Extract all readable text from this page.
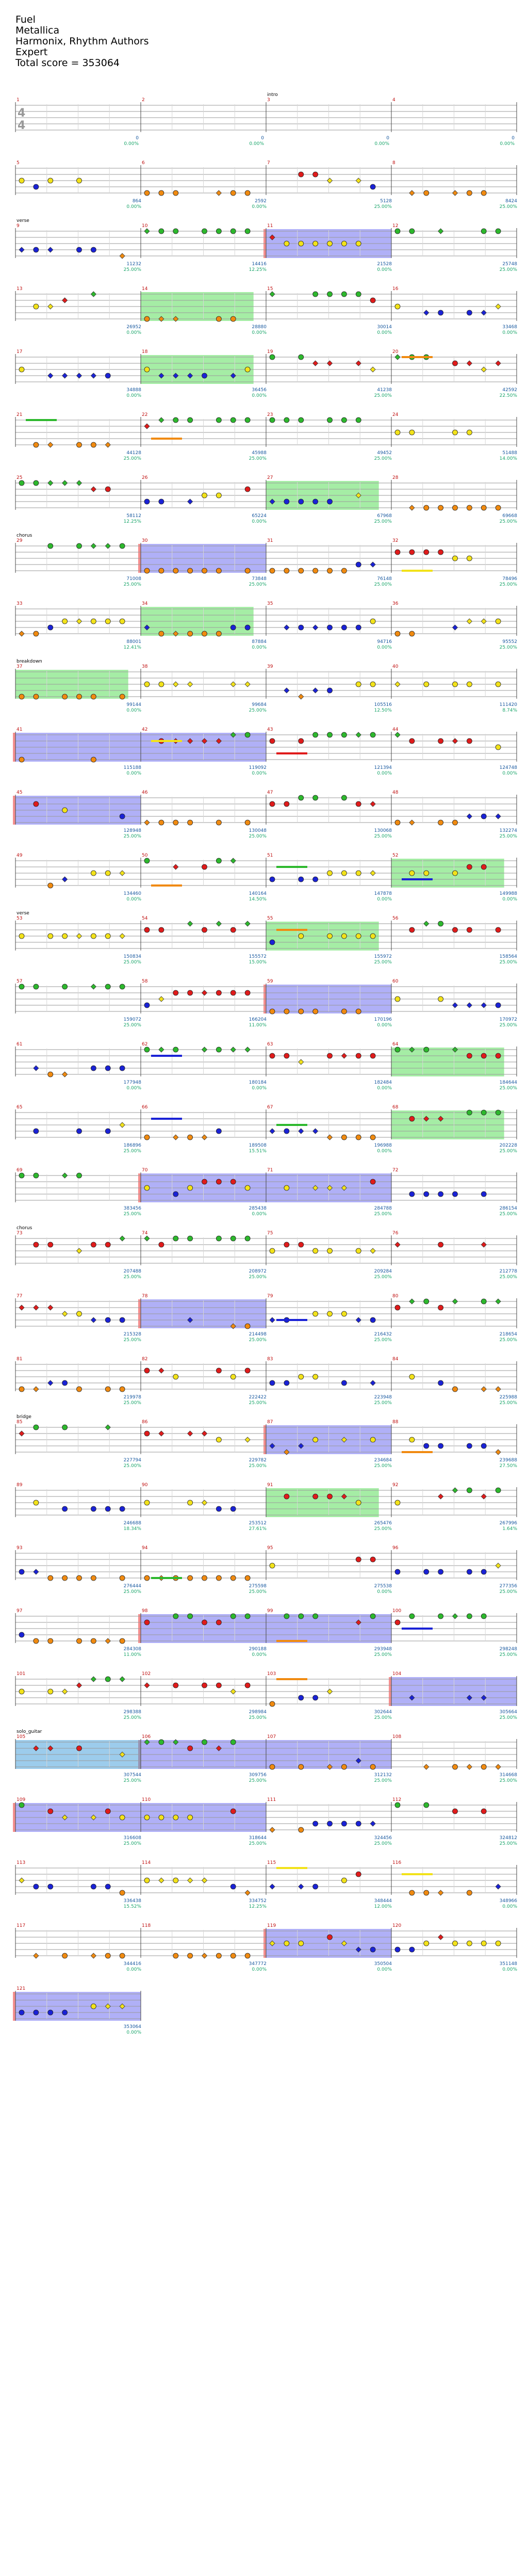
Fuel
Metallica
Harmonix, Rhythm Authors
Expert
Total score = 353064
intro
1	2	3	4
4
4
0
0.00%
0
0.00%
0
0.00%
0
0.00%
5	6	7	8
864
0.00%
2592
0.00%
5128
25.00%
8424
25.00%
verse
9	10	11	12
11232
25.00%
14416
12.25%
21528
0.00%
25748
25.00%
13	14	15	16
26952
0.00%
28880
0.00%
30014
0.00%
33468
0.00%
17	18	19	20
34888
0.00%
36456
0.00%
41238
25.00%
42592
22.50%
21	22	23	24
44128
25.00%
45988
25.00%
49452
25.00%
51488
14.00%
25	26	27	28
58112
12.25%
65224
0.00%
67968
25.00%
69668
25.00%
chorus
29	30	31	32
71008
25.00%
73848
25.00%
76148
25.00%
78496
25.00%
33	34	35	36
88001
12.41%
87884
0.00%
94716
0.00%
95552
25.00%
breakdown
37	38	39	40
99144
0.00%
99684
25.00%
105516
12.50%
111420
8.74%
41	42	43	44
115188
0.00%
119092
0.00%
121394
0.00%
124748
0.00%
45	46	47	48
128948
25.00%
130048
25.00%
130068
25.00%
132274
25.00%
49	50	51	52
134460
0.00%
140164
14.50%
147878
0.00%
149988
0.00%
verse
53	54	55	56
150834
25.00%
155572
15.00%
155972
25.00%
158564
25.00%
57	58	59	60
159072
25.00%
166204
11.00%
170196
0.00%
170972
25.00%
61	62	63	64
177948
0.00%
180184
0.00%
182484
0.00%
184644
25.00%
65	66	67	68
186896
25.00%
189508
15.51%
196988
0.00%
202228
25.00%
69	70	71	72
383456
25.00%
285438
0.00%
284788
25.00%
286154
25.00%
chorus
73	74	75	76
207488
25.00%
208972
25.00%
209284
25.00%
212778
25.00%
77	78	79	80
215328
25.00%
214498
25.00%
216432
25.00%
218654
25.00%
81	82	83	84
219978
25.00%
222422
25.00%
223948
25.00%
225988
25.00%
bridge
85	86	87	88
227794
25.00%
229782
25.00%
234684
25.00%
239688
27.50%
89	90	91	92
246688
18.34%
253512
27.61%
265476
25.00%
267996
1.64%
93	94	95	96
276444
25.00%
275598
25.00%
275538
0.00%
277356
25.00%
97	98	99	100
284308
11.00%
290188
0.00%
293948
25.00%
298248
25.00%
101	102	103	104
298388
25.00%
298984
25.00%
302644
25.00%
305664
25.00%
solo_guitar
105	106	107	108
307544
25.00%
309756
25.00%
312132
25.00%
314668
25.00%
109	110	111	112
316608
25.00%
318644
25.00%
324456
25.00%
324812
25.00%
113	114	115	116
336438
15.52%
334752
12.25%
348444
12.00%
348966
0.00%
117	118	119	120
344416
0.00%
347772
0.00%
350504
0.00%
351148
0.00%
121
353064
0.00%
